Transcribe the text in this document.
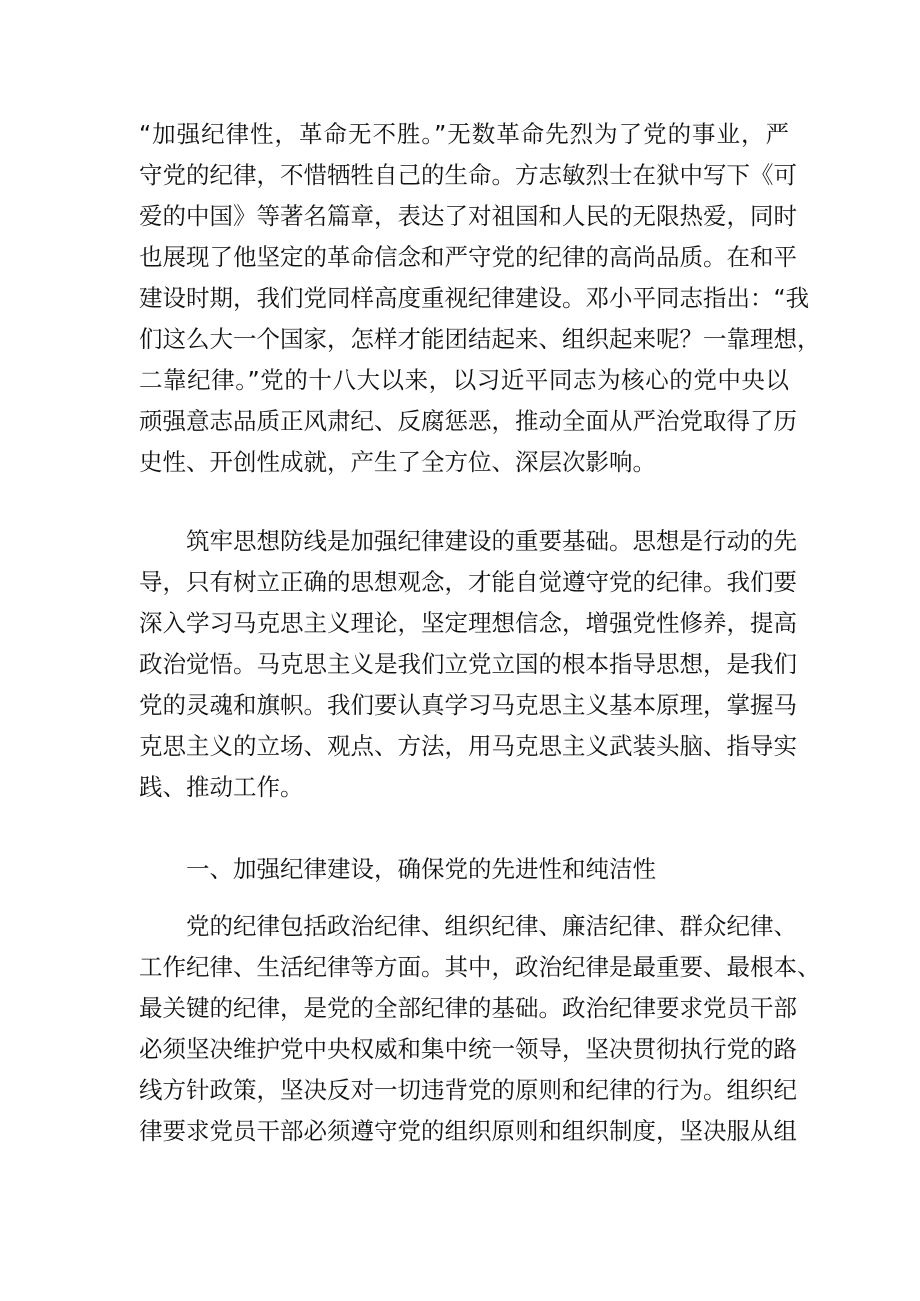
“加强纪律性，革命无不胜。”无数革命先烈为了党的事业，严
守党的纪律，不惜牺牲自己的生命。方志敏烈士在狱中写下《可
爱的中国》等著名篇章，表达了对祖国和人民的无限热爱，同时
也展现了他坚定的革命信念和严守党的纪律的高尚品质。在和平
建设时期，我们党同样高度重视纪律建设。邓小平同志指出：“我
们这么大一个国家，怎样才能团结起来、组织起来呢？一靠理想，
二靠纪律。”党的十八大以来，以习近平同志为核心的党中央以
顽强意志品质正风肃纪、反腐惩恶，推动全面从严治党取得了历
史性、开创性成就，产生了全方位、深层次影响。
筑牢思想防线是加强纪律建设的重要基础。思想是行动的先
导，只有树立正确的思想观念，才能自觉遵守党的纪律。我们要
深入学习马克思主义理论，坚定理想信念，增强党性修养，提高
政治觉悟。马克思主义是我们立党立国的根本指导思想，是我们
党的灵魂和旗帜。我们要认真学习马克思主义基本原理，掌握马
克思主义的立场、观点、方法，用马克思主义武装头脑、指导实
践、推动工作。
一、加强纪律建设，确保党的先进性和纯洁性
党的纪律包括政治纪律、组织纪律、廉洁纪律、群众纪律、
工作纪律、生活纪律等方面。其中，政治纪律是最重要、最根本、
最关键的纪律，是党的全部纪律的基础。政治纪律要求党员干部
必须坚决维护党中央权威和集中统一领导，坚决贯彻执行党的路
线方针政策，坚决反对一切违背党的原则和纪律的行为。组织纪
律要求党员干部必须遵守党的组织原则和组织制度，坚决服从组
